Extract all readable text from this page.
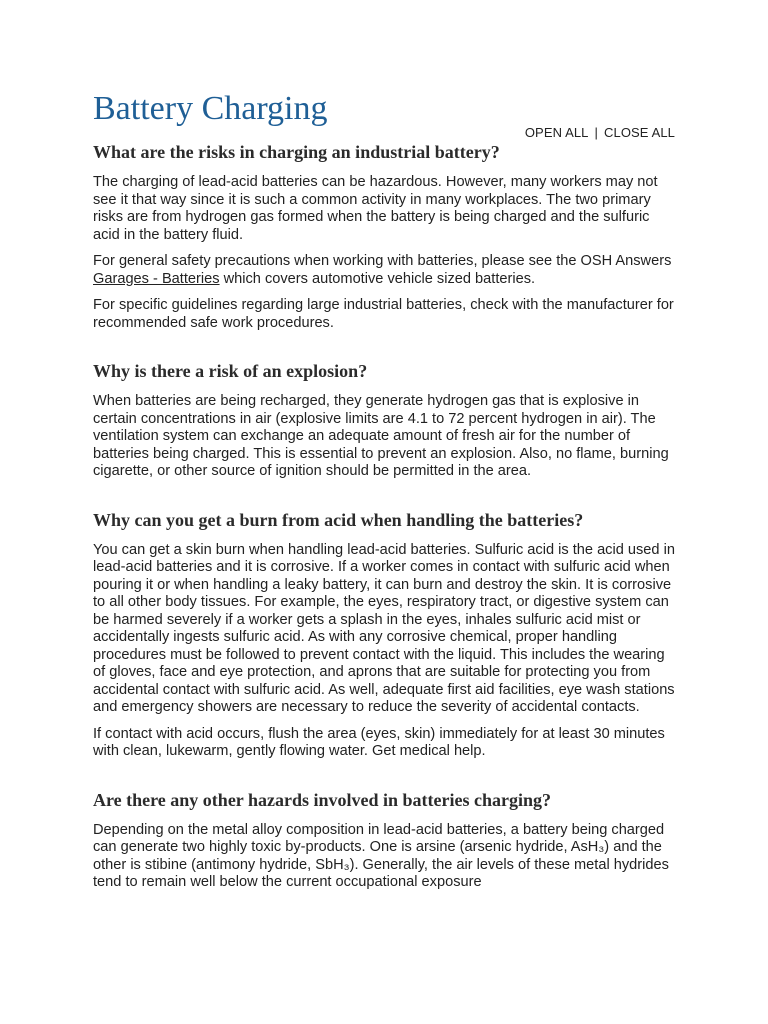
Battery Charging
OPEN ALL | CLOSE ALL
What are the risks in charging an industrial battery?

The charging of lead-acid batteries can be hazardous. However, many workers may not see it that way since it is such a common activity in many workplaces. The two primary risks are from hydrogen gas formed when the battery is being charged and the sulfuric acid in the battery fluid.

For general safety precautions when working with batteries, please see the OSH Answers Garages - Batteries which covers automotive vehicle sized batteries.

For specific guidelines regarding large industrial batteries, check with the manufacturer for recommended safe work procedures.

Why is there a risk of an explosion?

When batteries are being recharged, they generate hydrogen gas that is explosive in certain concentrations in air (explosive limits are 4.1 to 72 percent hydrogen in air). The ventilation system can exchange an adequate amount of fresh air for the number of batteries being charged. This is essential to prevent an explosion. Also, no flame, burning cigarette, or other source of ignition should be permitted in the area.

Why can you get a burn from acid when handling the batteries?

You can get a skin burn when handling lead-acid batteries. Sulfuric acid is the acid used in lead-acid batteries and it is corrosive. If a worker comes in contact with sulfuric acid when pouring it or when handling a leaky battery, it can burn and destroy the skin. It is corrosive to all other body tissues. For example, the eyes, respiratory tract, or digestive system can be harmed severely if a worker gets a splash in the eyes, inhales sulfuric acid mist or accidentally ingests sulfuric acid. As with any corrosive chemical, proper handling procedures must be followed to prevent contact with the liquid. This includes the wearing of gloves, face and eye protection, and aprons that are suitable for protecting you from accidental contact with sulfuric acid. As well, adequate first aid facilities, eye wash stations and emergency showers are necessary to reduce the severity of accidental contacts.

If contact with acid occurs, flush the area (eyes, skin) immediately for at least 30 minutes with clean, lukewarm, gently flowing water. Get medical help.

Are there any other hazards involved in batteries charging?

Depending on the metal alloy composition in lead-acid batteries, a battery being charged can generate two highly toxic by-products. One is arsine (arsenic hydride, AsH₃) and the other is stibine (antimony hydride, SbH₃). Generally, the air levels of these metal hydrides tend to remain well below the current occupational exposure
